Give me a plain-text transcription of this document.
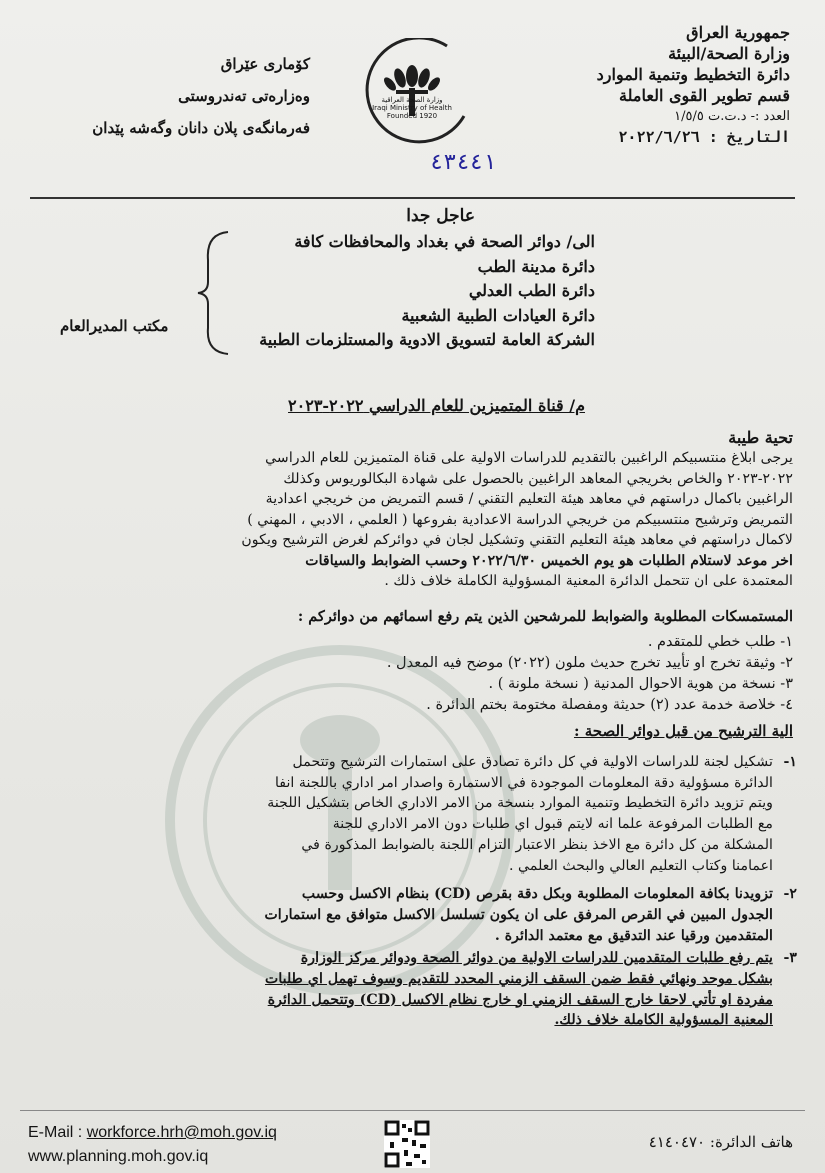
جمهورية العراق
وزارة الصحة/البيئة
دائرة التخطيط وتنمية الموارد
قسم تطوير القوى العاملة
العدد :- د.ت.ت ١/٥/٥
التاريخ : ٢٠٢٢/٦/٢٦
کۆماری عێراق
وەزارەتی تەندروستی
فەرمانگەی پلان دانان وگەشە پێدان
وزارة الصحة العراقية
Iraqi Ministry of Health
Founded 1920
٤٣٤٤١
عاجل جدا
الى/ دوائر الصحة في بغداد والمحافظات كافة
دائرة مدينة الطب
دائرة الطب العدلي
دائرة العيادات الطبية الشعبية
الشركة العامة لتسويق الادوية والمستلزمات الطبية
مكتب المديرالعام
م/ قناة المتميزين للعام الدراسي ٢٠٢٢-٢٠٢٣
تحية طيبة
يرجى ابلاغ منتسبيكم الراغبين بالتقديم للدراسات الاولية على قناة المتميزين للعام الدراسي
٢٠٢٢-٢٠٢٣ والخاص بخريجي المعاهد الراغبين بالحصول على شهادة البكالوريوس وكذلك
الراغبين باكمال دراستهم في معاهد هيئة التعليم التقني / قسم التمريض من خريجي اعدادية
التمريض وترشيح منتسبيكم من خريجي الدراسة الاعدادية بفروعها ( العلمي ، الادبي ، المهني )
لاكمال دراستهم في معاهد هيئة التعليم التقني وتشكيل لجان في دوائركم لغرض الترشيح ويكون
اخر موعد لاستلام الطلبات هو يوم الخميس ٢٠٢٢/٦/٣٠ وحسب الضوابط والسياقات
المعتمدة على ان تتحمل الدائرة المعنية المسؤولية الكاملة خلاف ذلك .
المستمسكات المطلوبة والضوابط للمرشحين الذين يتم رفع اسمائهم من دوائركم :
١- طلب خطي للمتقدم .
٢- وثيقة تخرج او تأييد تخرج حديث ملون (٢٠٢٢) موضح فيه المعدل .
٣- نسخة من هوية الاحوال المدنية ( نسخة ملونة ) .
٤- خلاصة خدمة عدد (٢) حديثة ومفصلة مختومة بختم الدائرة .
الية الترشيح من قبل دوائر الصحة :
١-
تشكيل لجنة للدراسات الاولية في كل دائرة تصادق على استمارات الترشيح وتتحمل
الدائرة مسؤولية دقة المعلومات الموجودة في الاستمارة واصدار امر اداري باللجنة انفا
ويتم تزويد دائرة التخطيط وتنمية الموارد بنسخة من الامر الاداري الخاص بتشكيل اللجنة
مع الطلبات المرفوعة علما انه لايتم قبول اي طلبات دون الامر الاداري للجنة
المشكلة من كل دائرة مع الاخذ بنظر الاعتبار التزام اللجنة بالضوابط المذكورة في
اعمامنا وكتاب التعليم العالي والبحث العلمي .
٢-
تزويدنا بكافة المعلومات المطلوبة وبكل دقة بقرص (CD) بنظام الاكسل وحسب
الجدول المبين في القرص المرفق على ان يكون تسلسل الاكسل متوافق مع استمارات
المتقدمين ورقيا عند التدقيق مع معتمد الدائرة .
٣-
يتم رفع طلبات المتقدمين للدراسات الاولية من دوائر الصحة ودوائر مركز الوزارة
بشكل موحد ونهائي فقط ضمن السقف الزمني المحدد للتقديم وسوف تهمل اي طلبات
مفردة او تأتي لاحقا خارج السقف الزمني او خارج نظام الاكسل (CD) وتتحمل الدائرة
المعنية المسؤولية الكاملة خلاف ذلك.
E-Mail : workforce.hrh@moh.gov.iq
www.planning.moh.gov.iq
هاتف الدائرة: ٤١٤٠٤٧٠
